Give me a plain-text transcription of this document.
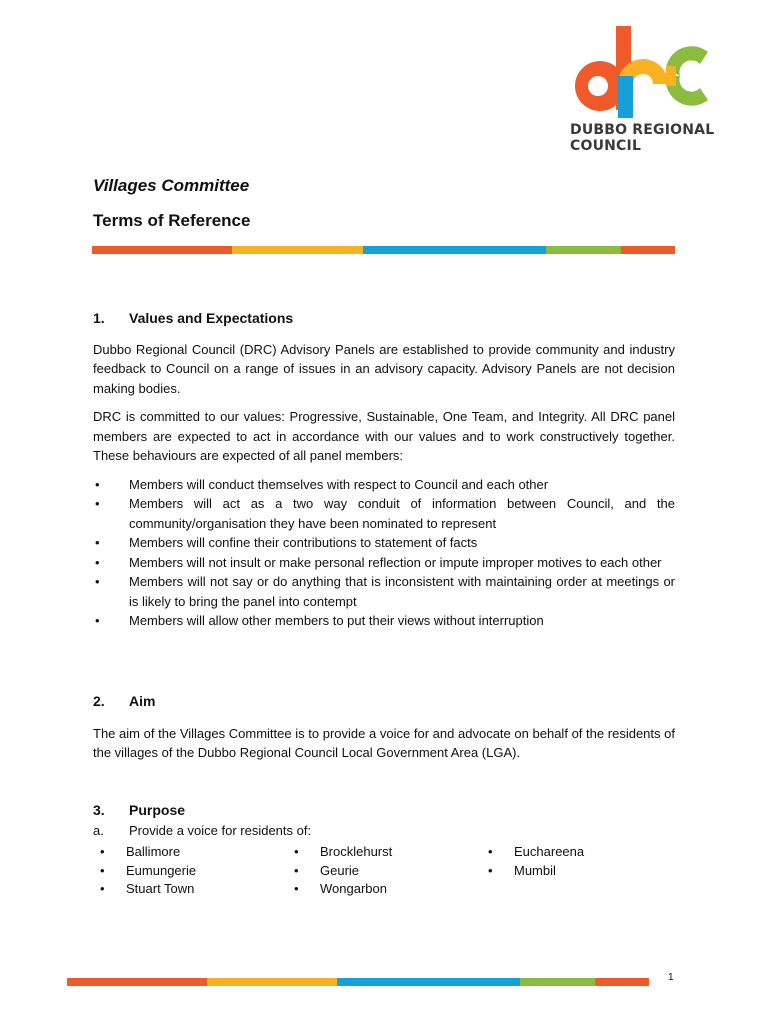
DUBBO REGIONAL
COUNCIL
Villages Committee
Terms of Reference
1.	Values and Expectations

Dubbo Regional Council (DRC) Advisory Panels are established to provide community and industry feedback to Council on a range of issues in an advisory capacity. Advisory Panels are not decision making bodies.

DRC is committed to our values: Progressive, Sustainable, One Team, and Integrity. All DRC panel members are expected to act in accordance with our values and to work constructively together. These behaviours are expected of all panel members:

• Members will conduct themselves with respect to Council and each other
• Members will act as a two way conduit of information between Council, and the community/organisation they have been nominated to represent
• Members will confine their contributions to statement of facts
• Members will not insult or make personal reflection or impute improper motives to each other
• Members will not say or do anything that is inconsistent with maintaining order at meetings or is likely to bring the panel into contempt
• Members will allow other members to put their views without interruption
2.	Aim

The aim of the Villages Committee is to provide a voice for and advocate on behalf of the residents of the villages of the Dubbo Regional Council Local Government Area (LGA).

3.	Purpose
a.	Provide a voice for residents of:
•	Ballimore	•	Brocklehurst	•	Euchareena
•	Eumungerie	•	Geurie	•	Mumbil
•	Stuart Town	•	Wongarbon
1
